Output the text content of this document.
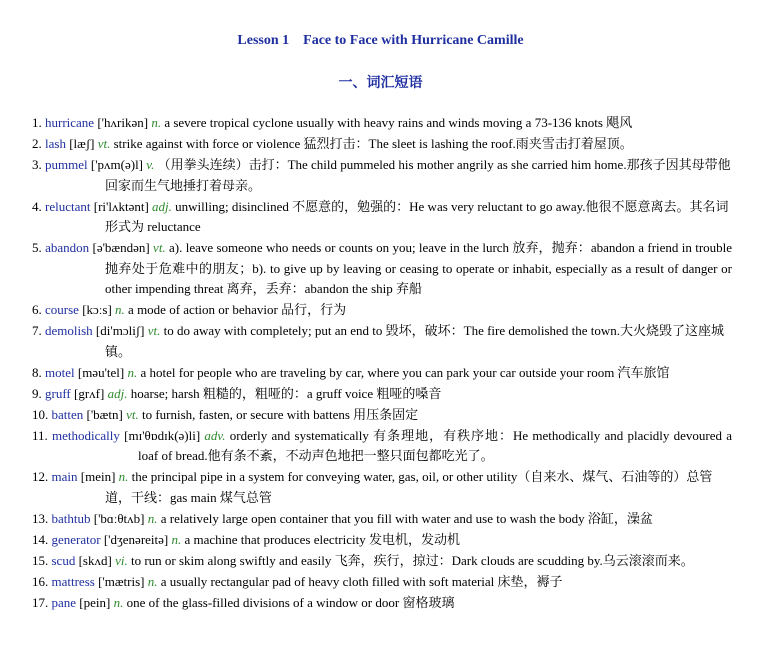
Lesson 1 Face to Face with Hurricane Camille
一、词汇短语
1. hurricane ['hʌrikən] n. a severe tropical cyclone usually with heavy rains and winds moving a 73-136 knots 飓风
2. lash [læʃ] vt. strike against with force or violence 猛烈打击：The sleet is lashing the roof.雨夹雪击打着屋顶。
3. pummel ['pʌm(ə)l] v. （用拳头连续）击打：The child pummeled his mother angrily as she carried him home.那孩子因其母带他回家而生气地捶打着母亲。
4. reluctant [ri'lʌktənt] adj. unwilling; disinclined 不愿意的，勉强的：He was very reluctant to go away.他很不愿意离去。其名词形式为 reluctance
5. abandon [ə'bændən] vt. a). leave someone who needs or counts on you; leave in the lurch 放弃，抛弃：abandon a friend in trouble 抛弃处于危难中的朋友；b). to give up by leaving or ceasing to operate or inhabit, especially as a result of danger or other impending threat 离弃，丢弃：abandon the ship 弃船
6. course [kɔːs] n. a mode of action or behavior 品行，行为
7. demolish [di'mɔliʃ] vt. to do away with completely; put an end to 毁坏，破坏：The fire demolished the town.大火烧毁了这座城镇。
8. motel [məu'tel] n. a hotel for people who are traveling by car, where you can park your car outside your room 汽车旅馆
9. gruff [grʌf] adj. hoarse; harsh 粗糙的，粗哑的：a gruff voice 粗哑的嗓音
10. batten ['bætn] vt. to furnish, fasten, or secure with battens 用压条固定
11. methodically [mɪ'θɒdɪk(ə)li] adv. orderly and systematically 有条理地，有秩序地：He methodically and placidly devoured a loaf of bread.他有条不紊，不动声色地把一整只面包都吃光了。
12. main [mein] n. the principal pipe in a system for conveying water, gas, oil, or other utility（自来水、煤气、石油等的）总管道，干线：gas main 煤气总管
13. bathtub ['bɑːθtʌb] n. a relatively large open container that you fill with water and use to wash the body 浴缸，澡盆
14. generator ['dʒenəreitə] n. a machine that produces electricity 发电机，发动机
15. scud [skʌd] vi. to run or skim along swiftly and easily 飞奔，疾行，掠过：Dark clouds are scudding by.乌云滚滚而来。
16. mattress ['mætris] n. a usually rectangular pad of heavy cloth filled with soft material 床垫，褥子
17. pane [pein] n. one of the glass-filled divisions of a window or door 窗格玻璃
